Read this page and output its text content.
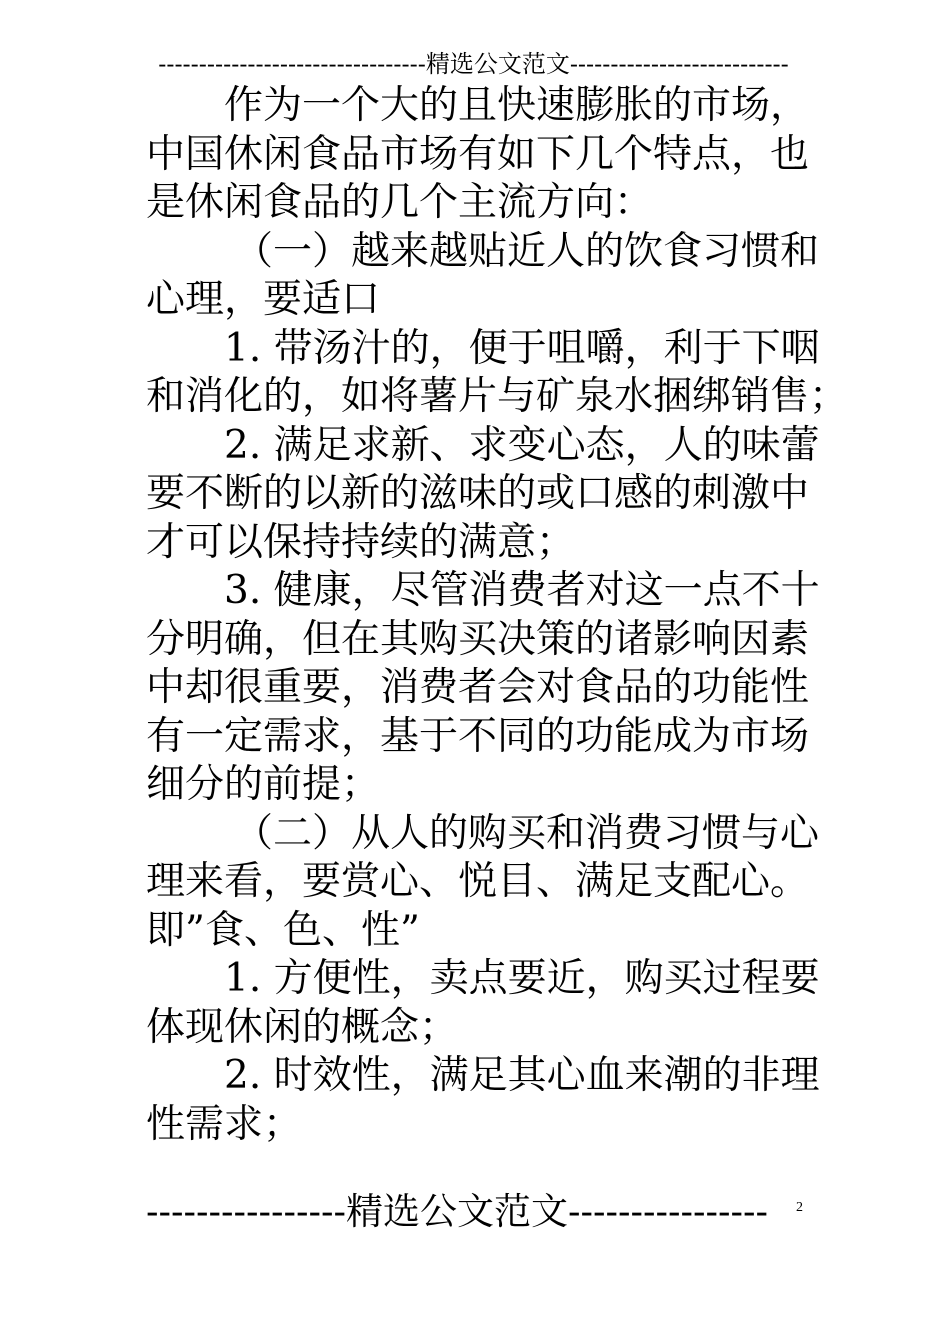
---------------------------------精选公文范文---------------------------
作为一个大的且快速膨胀的市场，
中国休闲食品市场有如下几个特点，也
是休闲食品的几个主流方向：
（一）越来越贴近人的饮食习惯和
心理，要适口
1. 带汤汁的，便于咀嚼，利于下咽
和消化的，如将薯片与矿泉水捆绑销售；
2. 满足求新、求变心态，人的味蕾
要不断的以新的滋味的或口感的刺激中
才可以保持持续的满意；
3. 健康，尽管消费者对这一点不十
分明确，但在其购买决策的诸影响因素
中却很重要，消费者会对食品的功能性
有一定需求，基于不同的功能成为市场
细分的前提；
（二）从人的购买和消费习惯与心
理来看，要赏心、悦目、满足支配心。
即”食、色、性”
1. 方便性，卖点要近，购买过程要
体现休闲的概念；
2. 时效性，满足其心血来潮的非理
性需求；
----------------精选公文范文----------------	2
